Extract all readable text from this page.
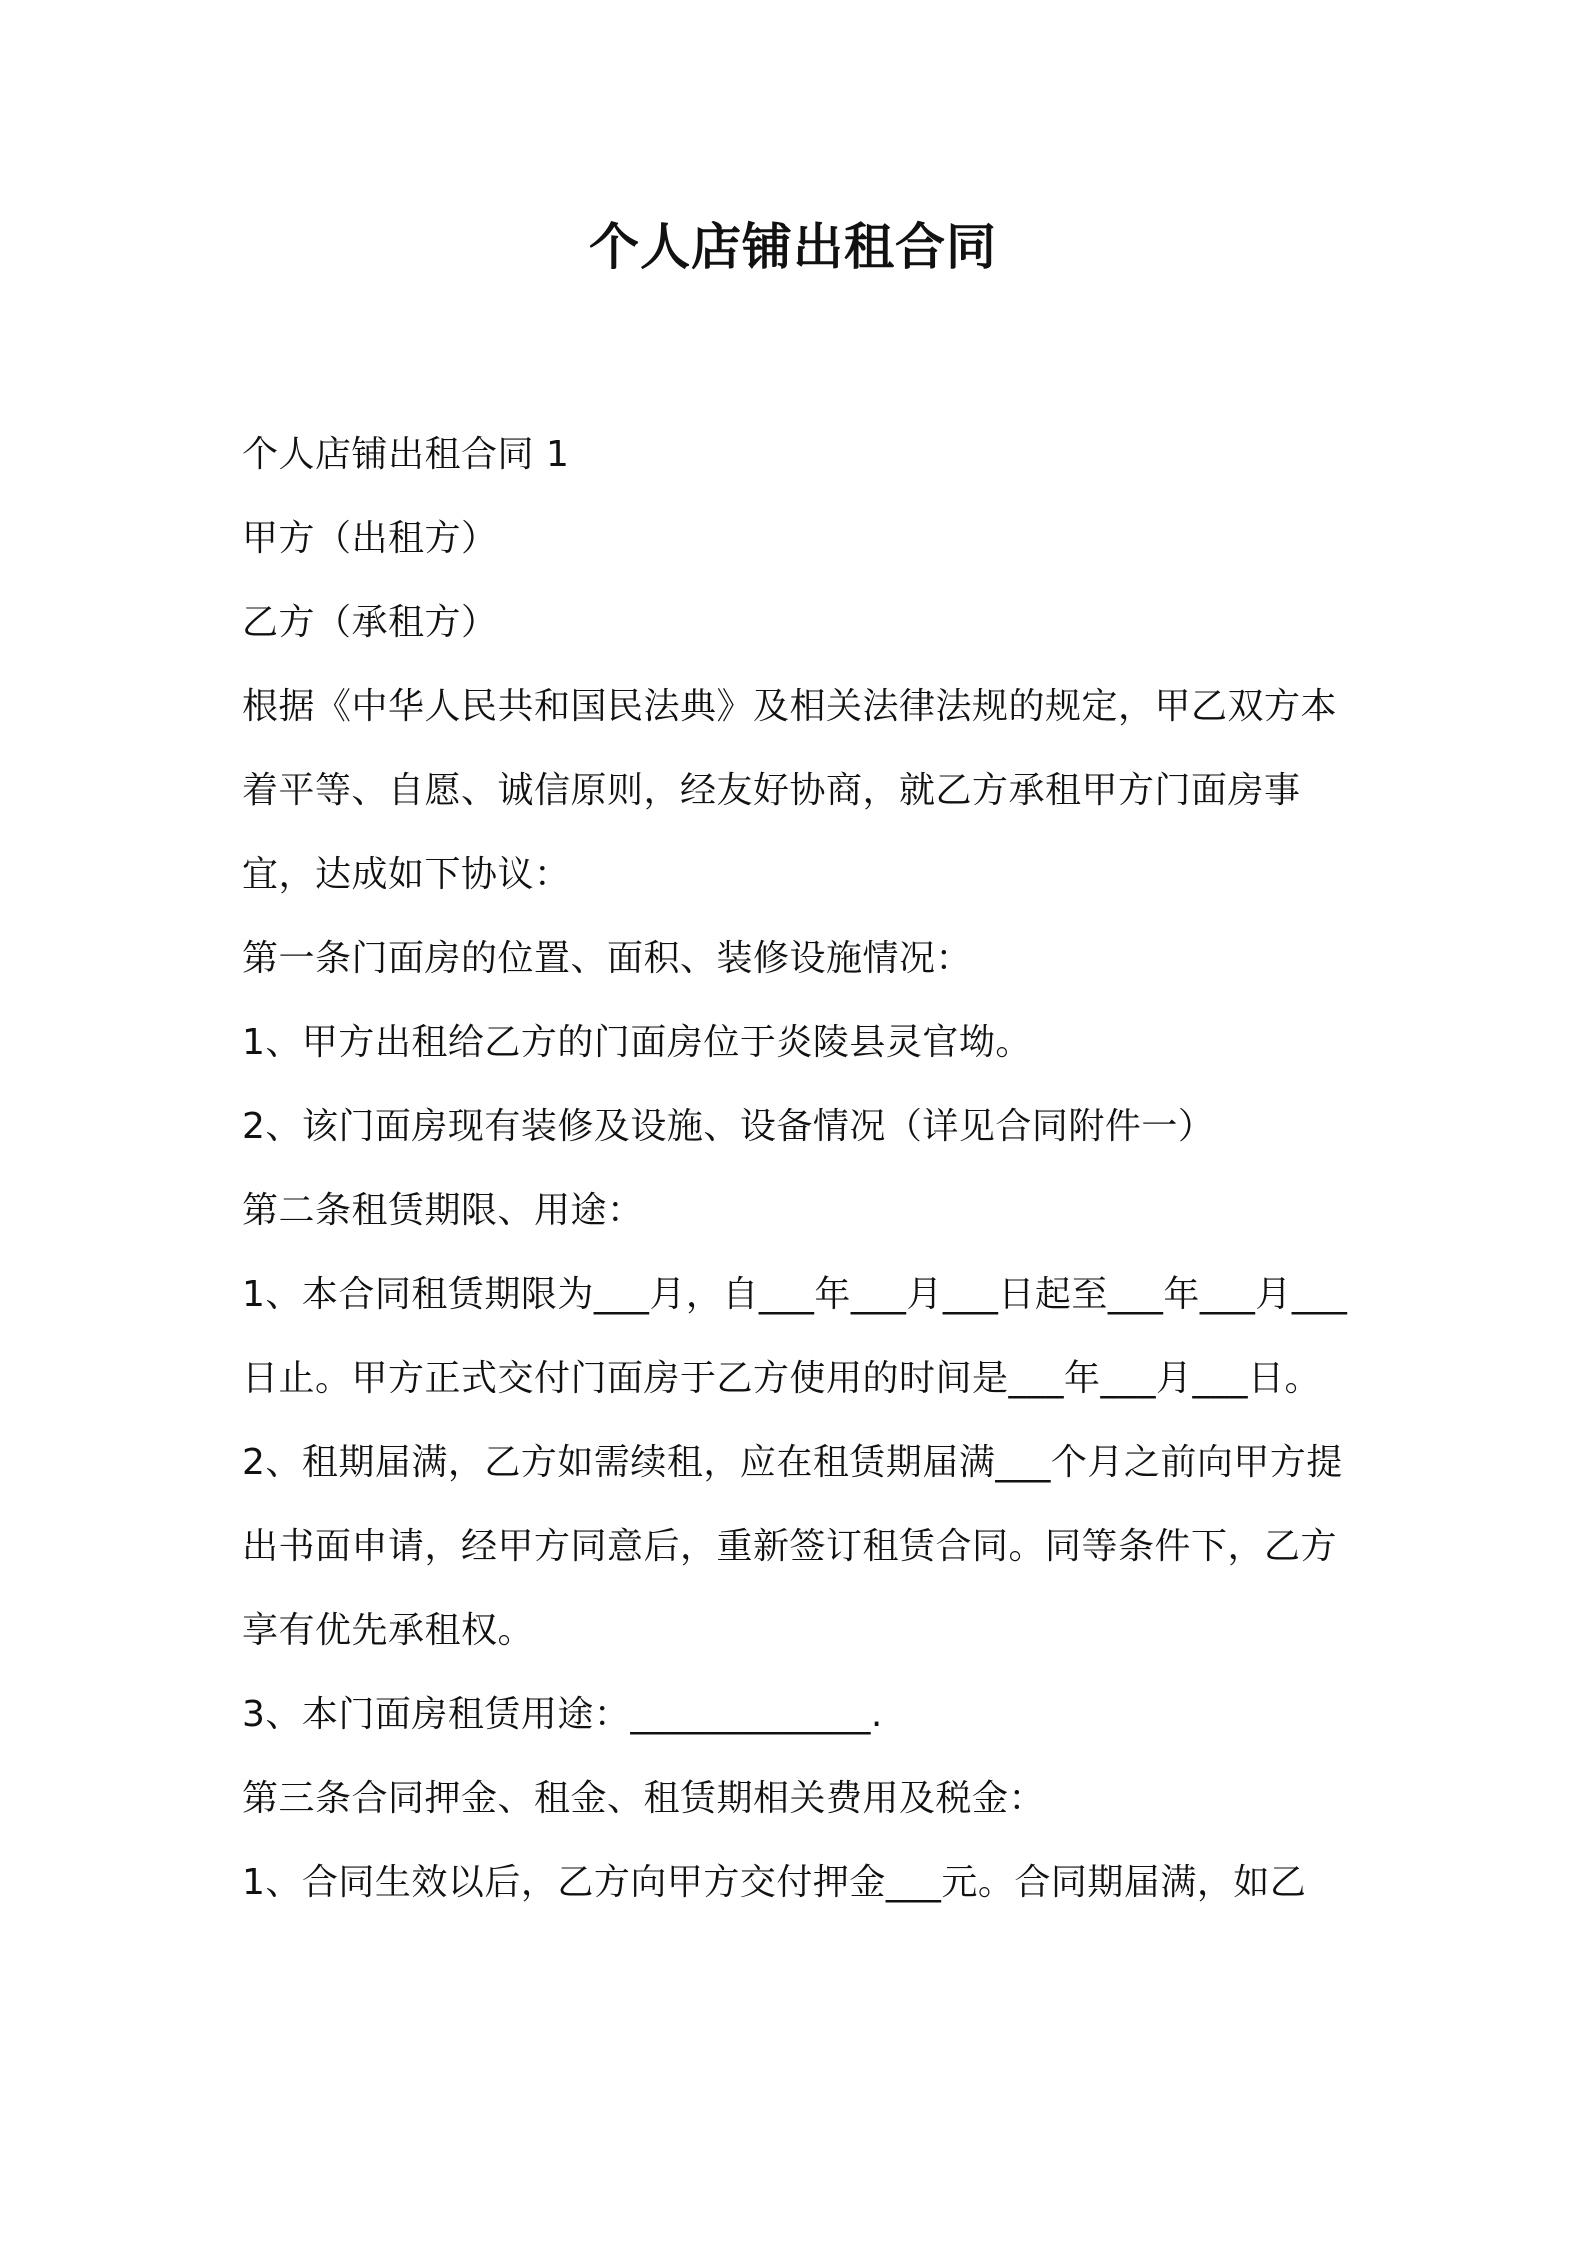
个人店铺出租合同

个人店铺出租合同 1

甲方（出租方）

乙方（承租方）

根据《中华人民共和国民法典》及相关法律法规的规定，甲乙双方本着平等、自愿、诚信原则，经友好协商，就乙方承租甲方门面房事宜，达成如下协议：

第一条门面房的位置、面积、装修设施情况：

1、甲方出租给乙方的门面房位于炎陵县灵官坳。

2、该门面房现有装修及设施、设备情况（详见合同附件一）

第二条租赁期限、用途：

1、本合同租赁期限为___月，自___年___月___日起至___年___月___日止。甲方正式交付门面房于乙方使用的时间是___年___月___日。

2、租期届满，乙方如需续租，应在租赁期届满___个月之前向甲方提出书面申请，经甲方同意后，重新签订租赁合同。同等条件下，乙方享有优先承租权。

3、本门面房租赁用途：_____________.

第三条合同押金、租金、租赁期相关费用及税金：

1、合同生效以后，乙方向甲方交付押金___元。合同期届满，如乙
